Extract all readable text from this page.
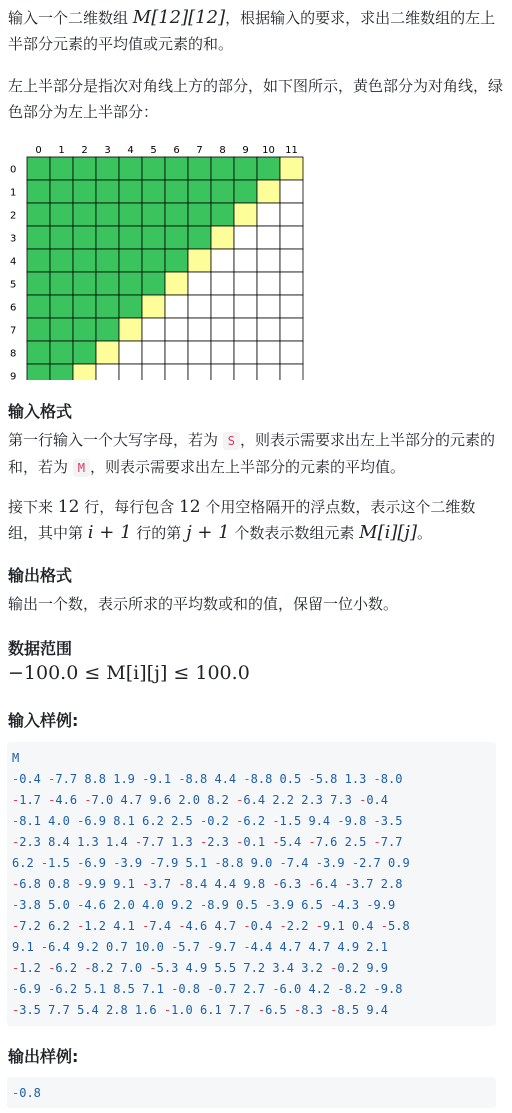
输入一个二维数组 M[12][12]，根据输入的要求，求出二维数组的左上半部分元素的平均值或元素的和。

左上半部分是指次对角线上方的部分，如下图所示，黄色部分为对角线，绿色部分为左上半部分：

0 1 2 3 4 5 6 7 8 9 10 11
0
1
2
3
4
5
6
7
8
9
输入格式

第一行输入一个大写字母，若为 S ，则表示需要求出左上半部分的元素的和，若为 M ，则表示需要求出左上半部分的元素的平均值。

接下来 12 行，每行包含 12 个用空格隔开的浮点数，表示这个二维数组，其中第 i + 1 行的第 j + 1 个数表示数组元素 M[i][j]。

输出格式

输出一个数，表示所求的平均数或和的值，保留一位小数。

数据范围
−100.0 ≤ M[i][j] ≤ 100.0
输入样例:
M
-0.4 -7.7 8.8 1.9 -9.1 -8.8 4.4 -8.8 0.5 -5.8 1.3 -8.0
-1.7 -4.6 -7.0 4.7 9.6 2.0 8.2 -6.4 2.2 2.3 7.3 -0.4
-8.1 4.0 -6.9 8.1 6.2 2.5 -0.2 -6.2 -1.5 9.4 -9.8 -3.5
-2.3 8.4 1.3 1.4 -7.7 1.3 -2.3 -0.1 -5.4 -7.6 2.5 -7.7
6.2 -1.5 -6.9 -3.9 -7.9 5.1 -8.8 9.0 -7.4 -3.9 -2.7 0.9
-6.8 0.8 -9.9 9.1 -3.7 -8.4 4.4 9.8 -6.3 -6.4 -3.7 2.8
-3.8 5.0 -4.6 2.0 4.0 9.2 -8.9 0.5 -3.9 6.5 -4.3 -9.9
-7.2 6.2 -1.2 4.1 -7.4 -4.6 4.7 -0.4 -2.2 -9.1 0.4 -5.8
9.1 -6.4 9.2 0.7 10.0 -5.7 -9.7 -4.4 4.7 4.7 4.9 2.1
-1.2 -6.2 -8.2 7.0 -5.3 4.9 5.5 7.2 3.4 3.2 -0.2 9.9
-6.9 -6.2 5.1 8.5 7.1 -0.8 -0.7 2.7 -6.0 4.2 -8.2 -9.8
-3.5 7.7 5.4 2.8 1.6 -1.0 6.1 7.7 -6.5 -8.3 -8.5 9.4
输出样例:
-0.8
